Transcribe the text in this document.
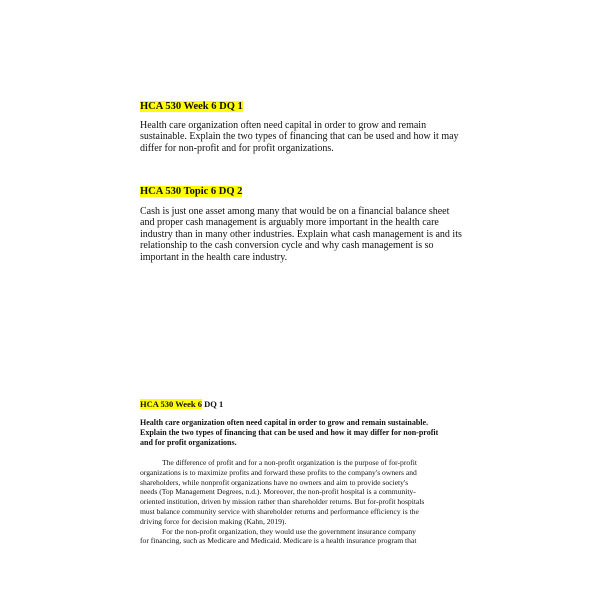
HCA 530 Week 6 DQ 1
Health care organization often need capital in order to grow and remain
sustainable. Explain the two types of financing that can be used and how it may
differ for non-profit and for profit organizations.
HCA 530 Topic 6 DQ 2
Cash is just one asset among many that would be on a financial balance sheet
and proper cash management is arguably more important in the health care
industry than in many other industries. Explain what cash management is and its
relationship to the cash conversion cycle and why cash management is so
important in the health care industry.
HCA 530 Week 6 DQ 1
Health care organization often need capital in order to grow and remain sustainable.
Explain the two types of financing that can be used and how it may differ for non-profit
and for profit organizations.
The difference of profit and for a non-profit organization is the purpose of for-profit
organizations is to maximize profits and forward these profits to the company's owners and
shareholders, while nonprofit organizations have no owners and aim to provide society's
needs (Top Management Degrees, n.d.). Moreover, the non-profit hospital is a community-
oriented institution, driven by mission rather than shareholder returns. But for-profit hospitals
must balance community service with shareholder returns and performance efficiency is the
driving force for decision making (Kahn, 2019).
For the non-profit organization, they would use the government insurance company
for financing, such as Medicare and Medicaid. Medicare is a health insurance program that
